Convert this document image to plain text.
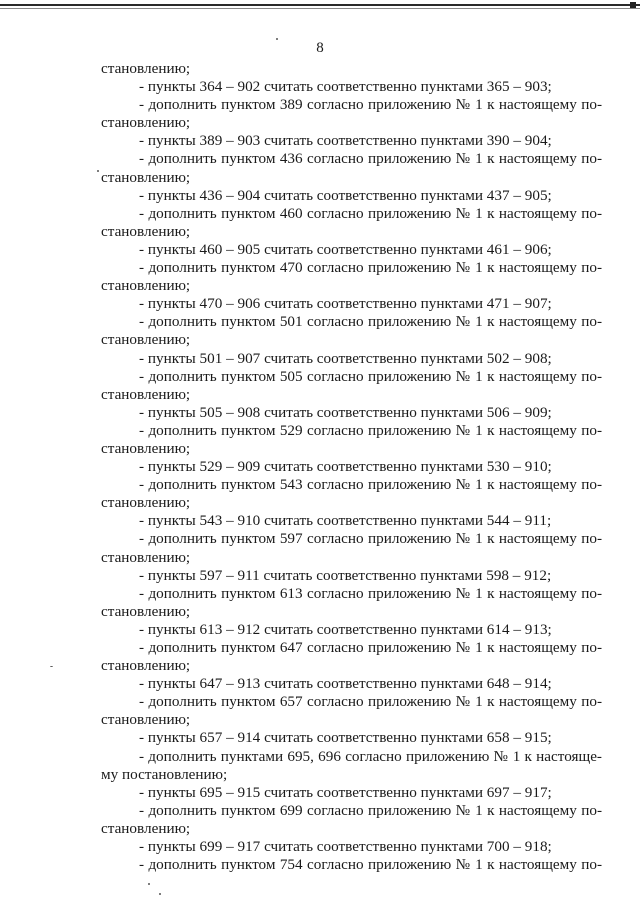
8
становлению;
- пункты 364 – 902 считать соответственно пунктами 365 – 903;
- дополнить пунктом 389 согласно приложению № 1 к настоящему по-
становлению;
- пункты 389 – 903 считать соответственно пунктами 390 – 904;
- дополнить пунктом 436 согласно приложению № 1 к настоящему по-
становлению;
- пункты 436 – 904 считать соответственно пунктами 437 – 905;
- дополнить пунктом 460 согласно приложению № 1 к настоящему по-
становлению;
- пункты 460 – 905 считать соответственно пунктами 461 – 906;
- дополнить пунктом 470 согласно приложению № 1 к настоящему по-
становлению;
- пункты 470 – 906 считать соответственно пунктами 471 – 907;
- дополнить пунктом 501 согласно приложению № 1 к настоящему по-
становлению;
- пункты 501 – 907 считать соответственно пунктами 502 – 908;
- дополнить пунктом 505 согласно приложению № 1 к настоящему по-
становлению;
- пункты 505 – 908 считать соответственно пунктами 506 – 909;
- дополнить пунктом 529 согласно приложению № 1 к настоящему по-
становлению;
- пункты 529 – 909 считать соответственно пунктами 530 – 910;
- дополнить пунктом 543 согласно приложению № 1 к настоящему по-
становлению;
- пункты 543 – 910 считать соответственно пунктами 544 – 911;
- дополнить пунктом 597 согласно приложению № 1 к настоящему по-
становлению;
- пункты 597 – 911 считать соответственно пунктами 598 – 912;
- дополнить пунктом 613 согласно приложению № 1 к настоящему по-
становлению;
- пункты 613 – 912 считать соответственно пунктами 614 – 913;
- дополнить пунктом 647 согласно приложению № 1 к настоящему по-
становлению;
- пункты 647 – 913 считать соответственно пунктами 648 – 914;
- дополнить пунктом 657 согласно приложению № 1 к настоящему по-
становлению;
- пункты 657 – 914 считать соответственно пунктами 658 – 915;
- дополнить пунктами 695, 696 согласно приложению № 1 к настояще-
му постановлению;
- пункты 695 – 915 считать соответственно пунктами 697 – 917;
- дополнить пунктом 699 согласно приложению № 1 к настоящему по-
становлению;
- пункты 699 – 917 считать соответственно пунктами 700 – 918;
- дополнить пунктом 754 согласно приложению № 1 к настоящему по-
